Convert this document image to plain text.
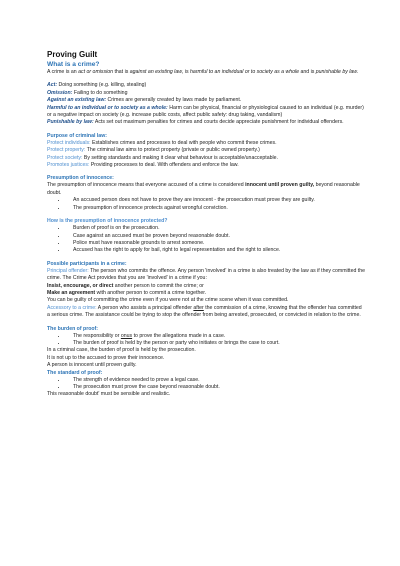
Proving Guilt

What is a crime?

A crime is an act or omission that is against an existing law, is harmful to an individual or to society as a whole and is punishable by law.

Act: Doing something (e.g. killing, stealing)

Omission: Failing to do something

Against an existing law: Crimes are generally created by laws made by parliament.

Harmful to an individual or to society as a whole: Harm can be physical, financial or physiological caused to an individual (e.g. murder) or a negative impact on society (e.g. increase public costs, affect public safety: drug taking, vandalism)

Punishable by law: Acts set out maximum penalties for crimes and courts decide appreciate punishment for individual offenders.

Purpose of criminal law:

Protect individuals: Establishes crimes and processes to deal with people who commit these crimes.

Protect property: The criminal law aims to protect property (private or public owned property.)

Protect society: By setting standards and making it clear what behaviour is acceptable/unacceptable.

Promotes justices: Providing processes to deal. With offenders and enforce the law.

Presumption of innocence:

The presumption of innocence means that everyone accused of a crime is considered innocent until proven guilty, beyond reasonable doubt.

• An accused person does not have to prove they are innocent - the prosecution must prove they are guilty.
• The presumption of innocence protects against wrongful conviction.

How is the presumption of innocence protected?

• Burden of proof is on the prosecution.
• Case against an accused must be proven beyond reasonable doubt.
• Police must have reasonable grounds to arrest someone.
• Accused has the right to apply for bail, right to legal representation and the right to silence.

Possible participants in a crime:

Principal offender: The person who commits the offence. Any person 'involved' in a crime is also treated by the law as if they committed the crime. The Crime Act provides that you are 'involved' in a crime if you:

Insist, encourage, or direct another person to commit the crime; or

Make an agreement with another person to commit a crime together.

You can be guilty of committing the crime even if you were not at the crime scene when it was committed.

Accessory to a crime: A person who assists a principal offender after the commission of a crime, knowing that the offender has committed a serious crime. The assistance could be trying to stop the offender from being arrested, prosecuted, or convicted in relation to the crime.

The burden of proof:

• The responsibility or onus to prove the allegations made in a case.
• The burden of proof is held by the person or party who initiates or brings the case to court.

In a criminal case, the burden of proof is held by the prosecution.

It is not up to the accused to prove their innocence.

A person is innocent until proven guilty.

The standard of proof:

• The strength of evidence needed to prove a legal case.
• The prosecution must prove the case beyond reasonable doubt.

This reasonable doubt' must be sensible and realistic.
